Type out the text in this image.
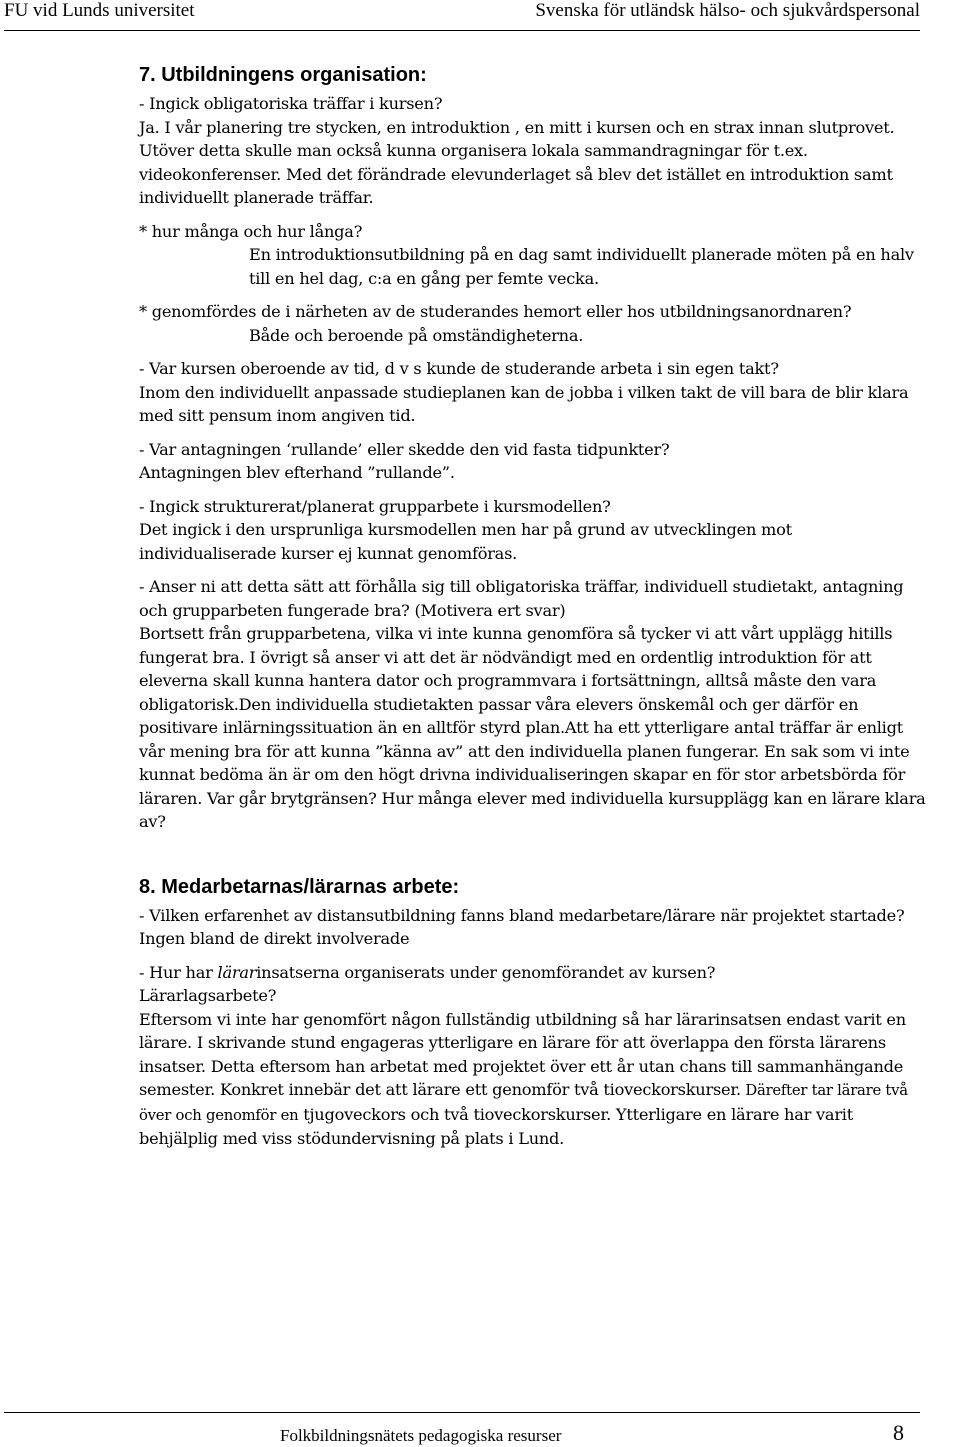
FU vid Lunds universitet	Svenska för utländsk hälso- och sjukvårdspersonal
7. Utbildningens organisation:

- Ingick obligatoriska träffar i kursen?

Ja. I vår planering tre stycken, en introduktion , en mitt i kursen och en strax innan slutprovet. Utöver detta skulle man också kunna organisera lokala sammandragningar för t.ex. videokonferenser. Med det förändrade elevunderlaget så blev det istället en introduktion samt individuellt planerade träffar.

* hur många och hur långa?

En introduktionsutbildning på en dag samt individuellt planerade möten på en halv till en hel dag, c:a en gång per femte vecka.

* genomfördes de i närheten av de studerandes hemort eller hos utbildningsanordnaren?

Både och beroende på omständigheterna.

- Var kursen oberoende av tid, d v s kunde de studerande arbeta i sin egen takt?

Inom den individuellt anpassade studieplanen kan de jobba i vilken takt de vill bara de blir klara med sitt pensum inom angiven tid.

- Var antagningen ‘rullande’ eller skedde den vid fasta tidpunkter?

Antagningen blev efterhand ”rullande”.

- Ingick strukturerat/planerat grupparbete i kursmodellen?

Det ingick i den ursprunliga kursmodellen men har på grund av utvecklingen mot individualiserade kurser ej kunnat genomföras.

- Anser ni att detta sätt att förhålla sig till obligatoriska träffar, individuell studietakt, antagning och grupparbeten fungerade bra? (Motivera ert svar)

Bortsett från grupparbetena, vilka vi inte kunna genomföra så tycker vi att vårt upplägg hitills fungerat bra. I övrigt så anser vi att det är nödvändigt med en ordentlig introduktion för att eleverna skall kunna hantera dator och programmvara i fortsättningn, alltså måste den vara obligatorisk.Den individuella studietakten passar våra elevers önskemål och ger därför en positivare inlärningssituation än en alltför styrd plan.Att ha ett ytterligare antal träffar är enligt vår mening bra för att kunna ”känna av” att den individuella planen fungerar. En sak som vi inte kunnat bedöma än är om den högt drivna individualiseringen skapar en för stor arbetsbörda för läraren. Var går brytgränsen? Hur många elever med individuella kursupplägg kan en lärare klara av?

8. Medarbetarnas/lärarnas arbete:

- Vilken erfarenhet av distansutbildning fanns bland medarbetare/lärare när projektet startade?

Ingen bland de direkt involverade

- Hur har lärarinsatserna organiserats under genomförandet av kursen?

Lärarlagsarbete?

Eftersom vi inte har genomfört någon fullständig utbildning så har lärarinsatsen endast varit en lärare. I skrivande stund engageras ytterligare en lärare för att överlappa den första lärarens insatser. Detta eftersom han arbetat med projektet över ett år utan chans till sammanhängande semester. Konkret innebär det att lärare ett genomför två tioveckorskurser. Därefter tar lärare två över och genomför en tjugoveckors och två tioveckorskurser. Ytterligare en lärare har varit behjälplig med viss stödundervisning på plats i Lund.

Folkbildningsnätets pedagogiska resurser	8
